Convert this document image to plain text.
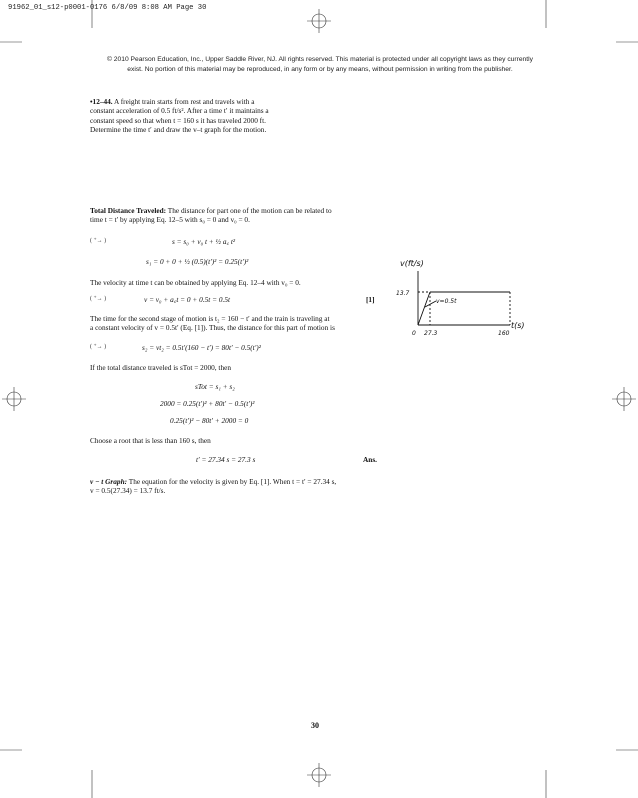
91962_01_s12-p0001-0176 6/8/09 8:08 AM Page 30
© 2010 Pearson Education, Inc., Upper Saddle River, NJ. All rights reserved. This material is protected under all copyright laws as they currently
exist. No portion of this material may be reproduced, in any form or by any means, without permission in writing from the publisher.
•12–44. A freight train starts from rest and travels with a
constant acceleration of 0.5 ft/s². After a time t′ it maintains a
constant speed so that when t = 160 s it has traveled 2000 ft.
Determine the time t′ and draw the v–t graph for the motion.
Total Distance Traveled: The distance for part one of the motion can be related to
time t = t′ by applying Eq. 12–5 with s₀ = 0 and v₀ = 0.
( ⁺→ )	s = s₀ + v₀ t + ½ a꜀ t²
s₁ = 0 + 0 + ½ (0.5)(t′)² = 0.25(t′)²
The velocity at time t can be obtained by applying Eq. 12–4 with v₀ = 0.
( ⁺→ )	v = v₀ + a꜀t = 0 + 0.5t = 0.5t	[1]
The time for the second stage of motion is t₂ = 160 − t′ and the train is traveling at
a constant velocity of v = 0.5t′ (Eq. [1]). Thus, the distance for this part of motion is
( ⁺→ )	s₂ = vt₂ = 0.5t′(160 − t′) = 80t′ − 0.5(t′)²
If the total distance traveled is sTot = 2000, then
sTot = s₁ + s₂
2000 = 0.25(t′)² + 80t′ − 0.5(t′)²
0.25(t′)² − 80t′ + 2000 = 0
Choose a root that is less than 160 s, then
t′ = 27.34 s = 27.3 s	Ans.
v − t Graph: The equation for the velocity is given by Eq. [1]. When t = t′ = 27.34 s,
v = 0.5(27.34) = 13.7 ft/s.
v(ft/s)
t(s)
13.7
0 27.3	160
v=0.5t
30
